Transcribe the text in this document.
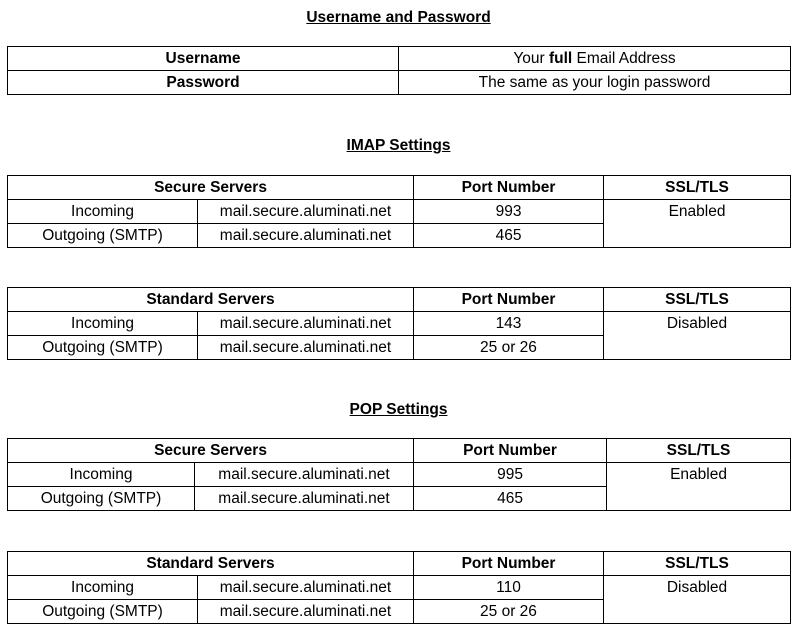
Username and Password
Username	Your full Email Address
Password	The same as your login password
IMAP Settings
Secure Servers		Port Number	SSL/TLS
Incoming	mail.secure.aluminati.net	993	Enabled
Outgoing (SMTP)	mail.secure.aluminati.net	465	
Standard Servers		Port Number	SSL/TLS
Incoming	mail.secure.aluminati.net	143	Disabled
Outgoing (SMTP)	mail.secure.aluminati.net	25 or 26	
POP Settings
Secure Servers		Port Number	SSL/TLS
Incoming	mail.secure.aluminati.net	995	Enabled
Outgoing (SMTP)	mail.secure.aluminati.net	465	
Standard Servers		Port Number	SSL/TLS
Incoming	mail.secure.aluminati.net	110	Disabled
Outgoing (SMTP)	mail.secure.aluminati.net	25 or 26	
